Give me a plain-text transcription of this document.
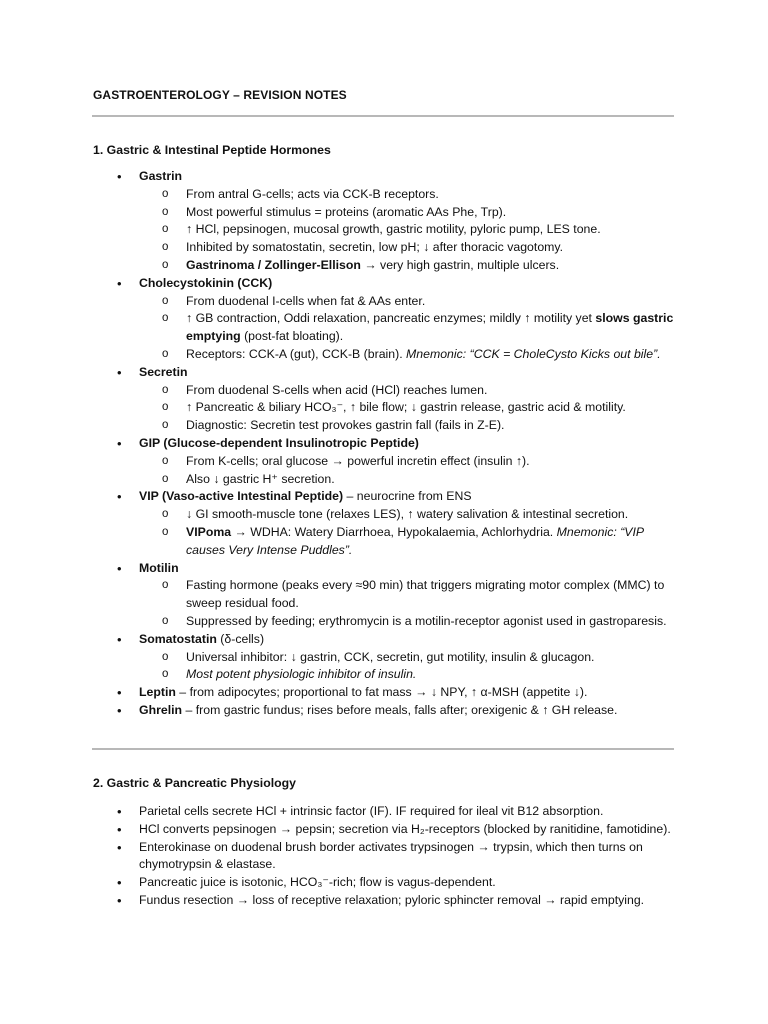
GASTROENTEROLOGY – REVISION NOTES
1. Gastric & Intestinal Peptide Hormones
• Gastrin
o From antral G-cells; acts via CCK-B receptors.
o Most powerful stimulus = proteins (aromatic AAs Phe, Trp).
o ↑ HCl, pepsinogen, mucosal growth, gastric motility, pyloric pump, LES tone.
o Inhibited by somatostatin, secretin, low pH; ↓ after thoracic vagotomy.
o Gastrinoma / Zollinger-Ellison → very high gastrin, multiple ulcers.
• Cholecystokinin (CCK)
o From duodenal I-cells when fat & AAs enter.
o ↑ GB contraction, Oddi relaxation, pancreatic enzymes; mildly ↑ motility yet slows gastric emptying (post-fat bloating).
o Receptors: CCK-A (gut), CCK-B (brain). Mnemonic: “CCK = CholeCysto Kicks out bile”.
• Secretin
o From duodenal S-cells when acid (HCl) reaches lumen.
o ↑ Pancreatic & biliary HCO₃⁻, ↑ bile flow; ↓ gastrin release, gastric acid & motility.
o Diagnostic: Secretin test provokes gastrin fall (fails in Z-E).
• GIP (Glucose-dependent Insulinotropic Peptide)
o From K-cells; oral glucose → powerful incretin effect (insulin ↑).
o Also ↓ gastric H⁺ secretion.
• VIP (Vaso-active Intestinal Peptide) – neurocrine from ENS
o ↓ GI smooth-muscle tone (relaxes LES), ↑ watery salivation & intestinal secretion.
o VIPoma → WDHA: Watery Diarrhoea, Hypokalaemia, Achlorhydria. Mnemonic: “VIP causes Very Intense Puddles”.
• Motilin
o Fasting hormone (peaks every ≈90 min) that triggers migrating motor complex (MMC) to sweep residual food.
o Suppressed by feeding; erythromycin is a motilin-receptor agonist used in gastroparesis.
• Somatostatin (δ-cells)
o Universal inhibitor: ↓ gastrin, CCK, secretin, gut motility, insulin & glucagon.
o Most potent physiologic inhibitor of insulin.
• Leptin – from adipocytes; proportional to fat mass → ↓ NPY, ↑ α-MSH (appetite ↓).
• Ghrelin – from gastric fundus; rises before meals, falls after; orexigenic & ↑ GH release.
2. Gastric & Pancreatic Physiology
• Parietal cells secrete HCl + intrinsic factor (IF). IF required for ileal vit B12 absorption.
• HCl converts pepsinogen → pepsin; secretion via H₂-receptors (blocked by ranitidine, famotidine).
• Enterokinase on duodenal brush border activates trypsinogen → trypsin, which then turns on chymotrypsin & elastase.
• Pancreatic juice is isotonic, HCO₃⁻-rich; flow is vagus-dependent.
• Fundus resection → loss of receptive relaxation; pyloric sphincter removal → rapid emptying.
